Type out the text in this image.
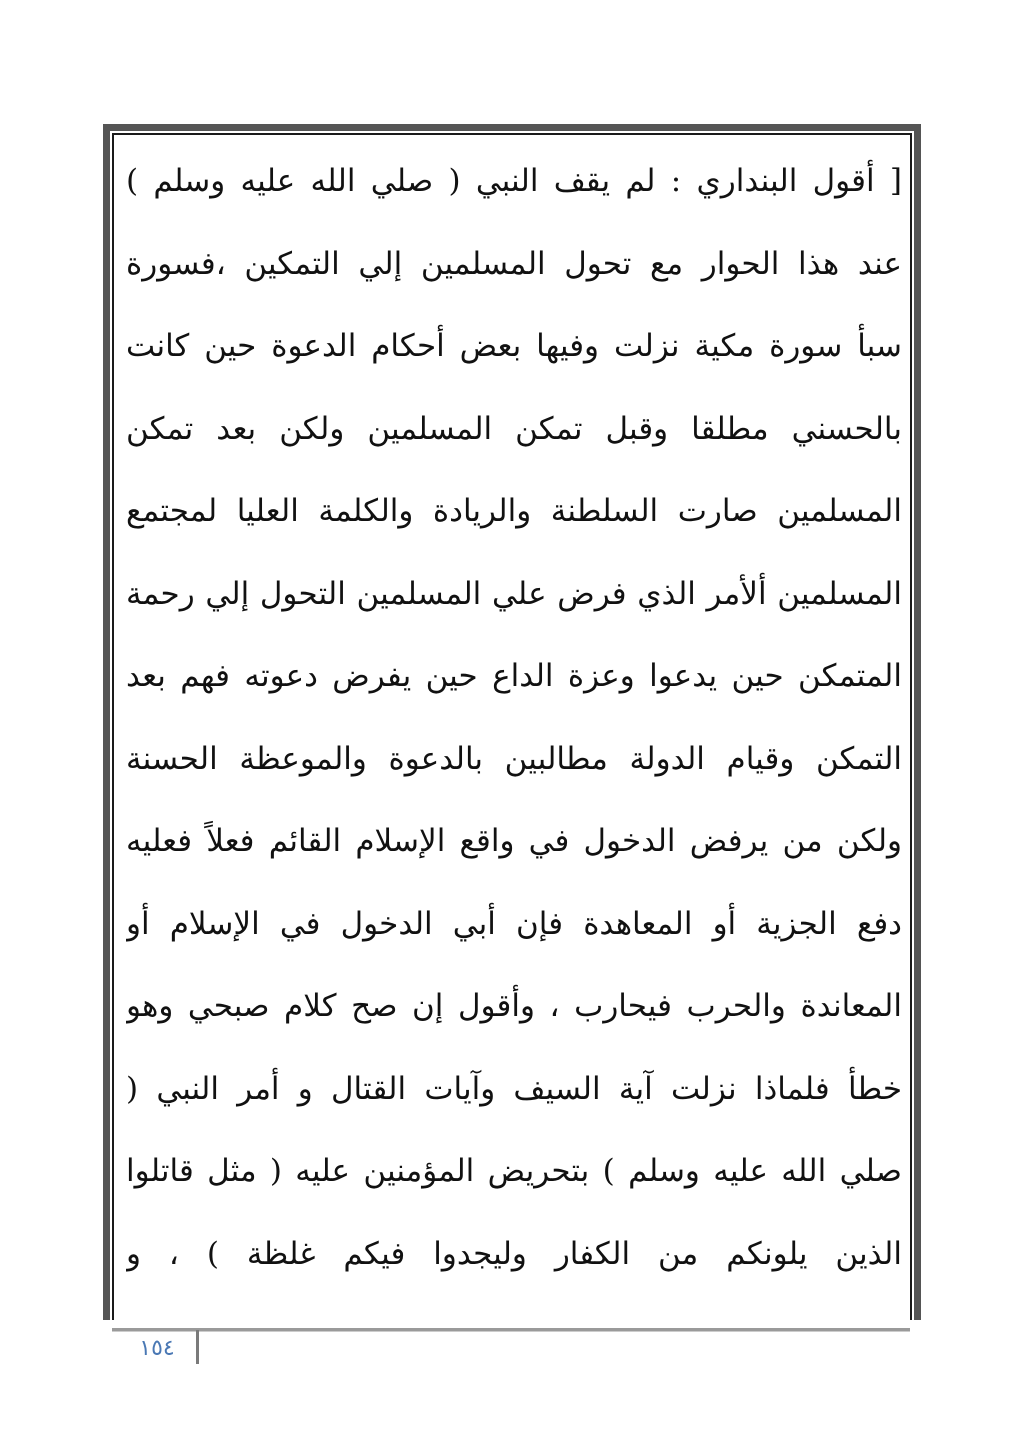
[ أقول البنداري : لم يقف النبي ( صلي الله عليه وسلم )
عند هذا الحوار مع تحول المسلمين إلي التمكين ،فسورة
سبأ سورة مكية نزلت وفيها بعض أحكام الدعوة حين كانت
بالحسني مطلقا وقبل تمكن المسلمين ولكن بعد تمكن
المسلمين صارت السلطنة والريادة والكلمة العليا لمجتمع
المسلمين ألأمر الذي فرض علي المسلمين التحول إلي رحمة
المتمكن حين يدعوا وعزة الداع حين يفرض دعوته فهم بعد
التمكن وقيام الدولة مطالبين بالدعوة والموعظة الحسنة
ولكن من يرفض الدخول في واقع الإسلام القائم فعلاً فعليه
دفع الجزية أو المعاهدة فإن أبي الدخول في الإسلام أو
المعاندة والحرب فيحارب ، وأقول إن صح كلام صبحي وهو
خطأ فلماذا نزلت آية السيف وآيات القتال و أمر النبي (
صلي الله عليه وسلم ) بتحريض المؤمنين عليه ( مثل قاتلوا
الذين يلونكم من الكفار وليجدوا فيكم غلظة ) ، و
١٥٤
